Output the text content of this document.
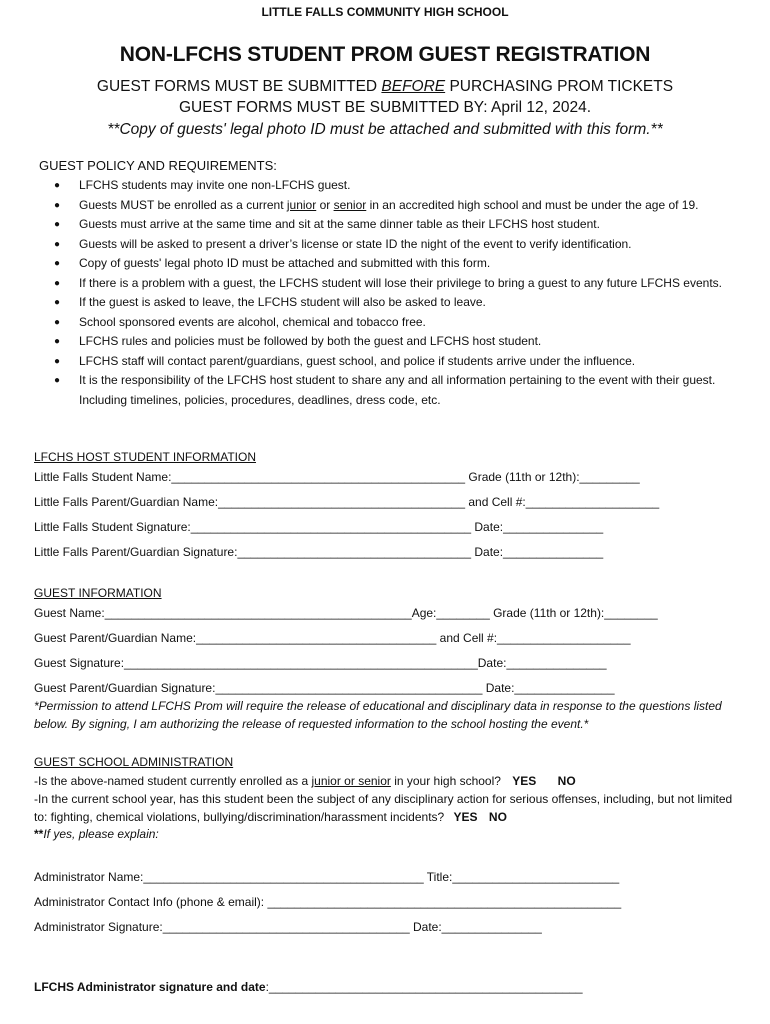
LITTLE FALLS COMMUNITY HIGH SCHOOL
NON-LFCHS STUDENT PROM GUEST REGISTRATION
GUEST FORMS MUST BE SUBMITTED BEFORE PURCHASING PROM TICKETS
GUEST FORMS MUST BE SUBMITTED BY: April 12, 2024.
**Copy of guests' legal photo ID must be attached and submitted with this form.**
GUEST POLICY AND REQUIREMENTS:
● LFCHS students may invite one non-LFCHS guest.
● Guests MUST be enrolled as a current junior or senior in an accredited high school and must be under the age of 19.
● Guests must arrive at the same time and sit at the same dinner table as their LFCHS host student.
● Guests will be asked to present a driver’s license or state ID the night of the event to verify identification.
● Copy of guests' legal photo ID must be attached and submitted with this form.
● If there is a problem with a guest, the LFCHS student will lose their privilege to bring a guest to any future LFCHS events.
● If the guest is asked to leave, the LFCHS student will also be asked to leave.
● School sponsored events are alcohol, chemical and tobacco free.
● LFCHS rules and policies must be followed by both the guest and LFCHS host student.
● LFCHS staff will contact parent/guardians, guest school, and police if students arrive under the influence.
● It is the responsibility of the LFCHS host student to share any and all information pertaining to the event with their guest. Including timelines, policies, procedures, deadlines, dress code, etc.
LFCHS HOST STUDENT INFORMATION
Little Falls Student Name:____________________________________________ Grade (11th or 12th):_________
Little Falls Parent/Guardian Name:_____________________________________ and Cell #:____________________
Little Falls Student Signature:__________________________________________ Date:_______________
Little Falls Parent/Guardian Signature:___________________________________ Date:_______________
GUEST INFORMATION
Guest Name:______________________________________________Age:________ Grade (11th or 12th):________
Guest Parent/Guardian Name:____________________________________ and Cell #:____________________
Guest Signature:_____________________________________________________Date:_______________
Guest Parent/Guardian Signature:________________________________________ Date:_______________
*Permission to attend LFCHS Prom will require the release of educational and disciplinary data in response to the questions listed below. By signing, I am authorizing the release of requested information to the school hosting the event.*
GUEST SCHOOL ADMINISTRATION
-Is the above-named student currently enrolled as a junior or senior in your high school? YES NO
-In the current school year, has this student been the subject of any disciplinary action for serious offenses, including, but not limited to: fighting, chemical violations, bullying/discrimination/harassment incidents? YES NO
**If yes, please explain:
Administrator Name:__________________________________________ Title:_________________________
Administrator Contact Info (phone & email): _____________________________________________________
Administrator Signature:_____________________________________ Date:_______________
LFCHS Administrator signature and date:_______________________________________________
